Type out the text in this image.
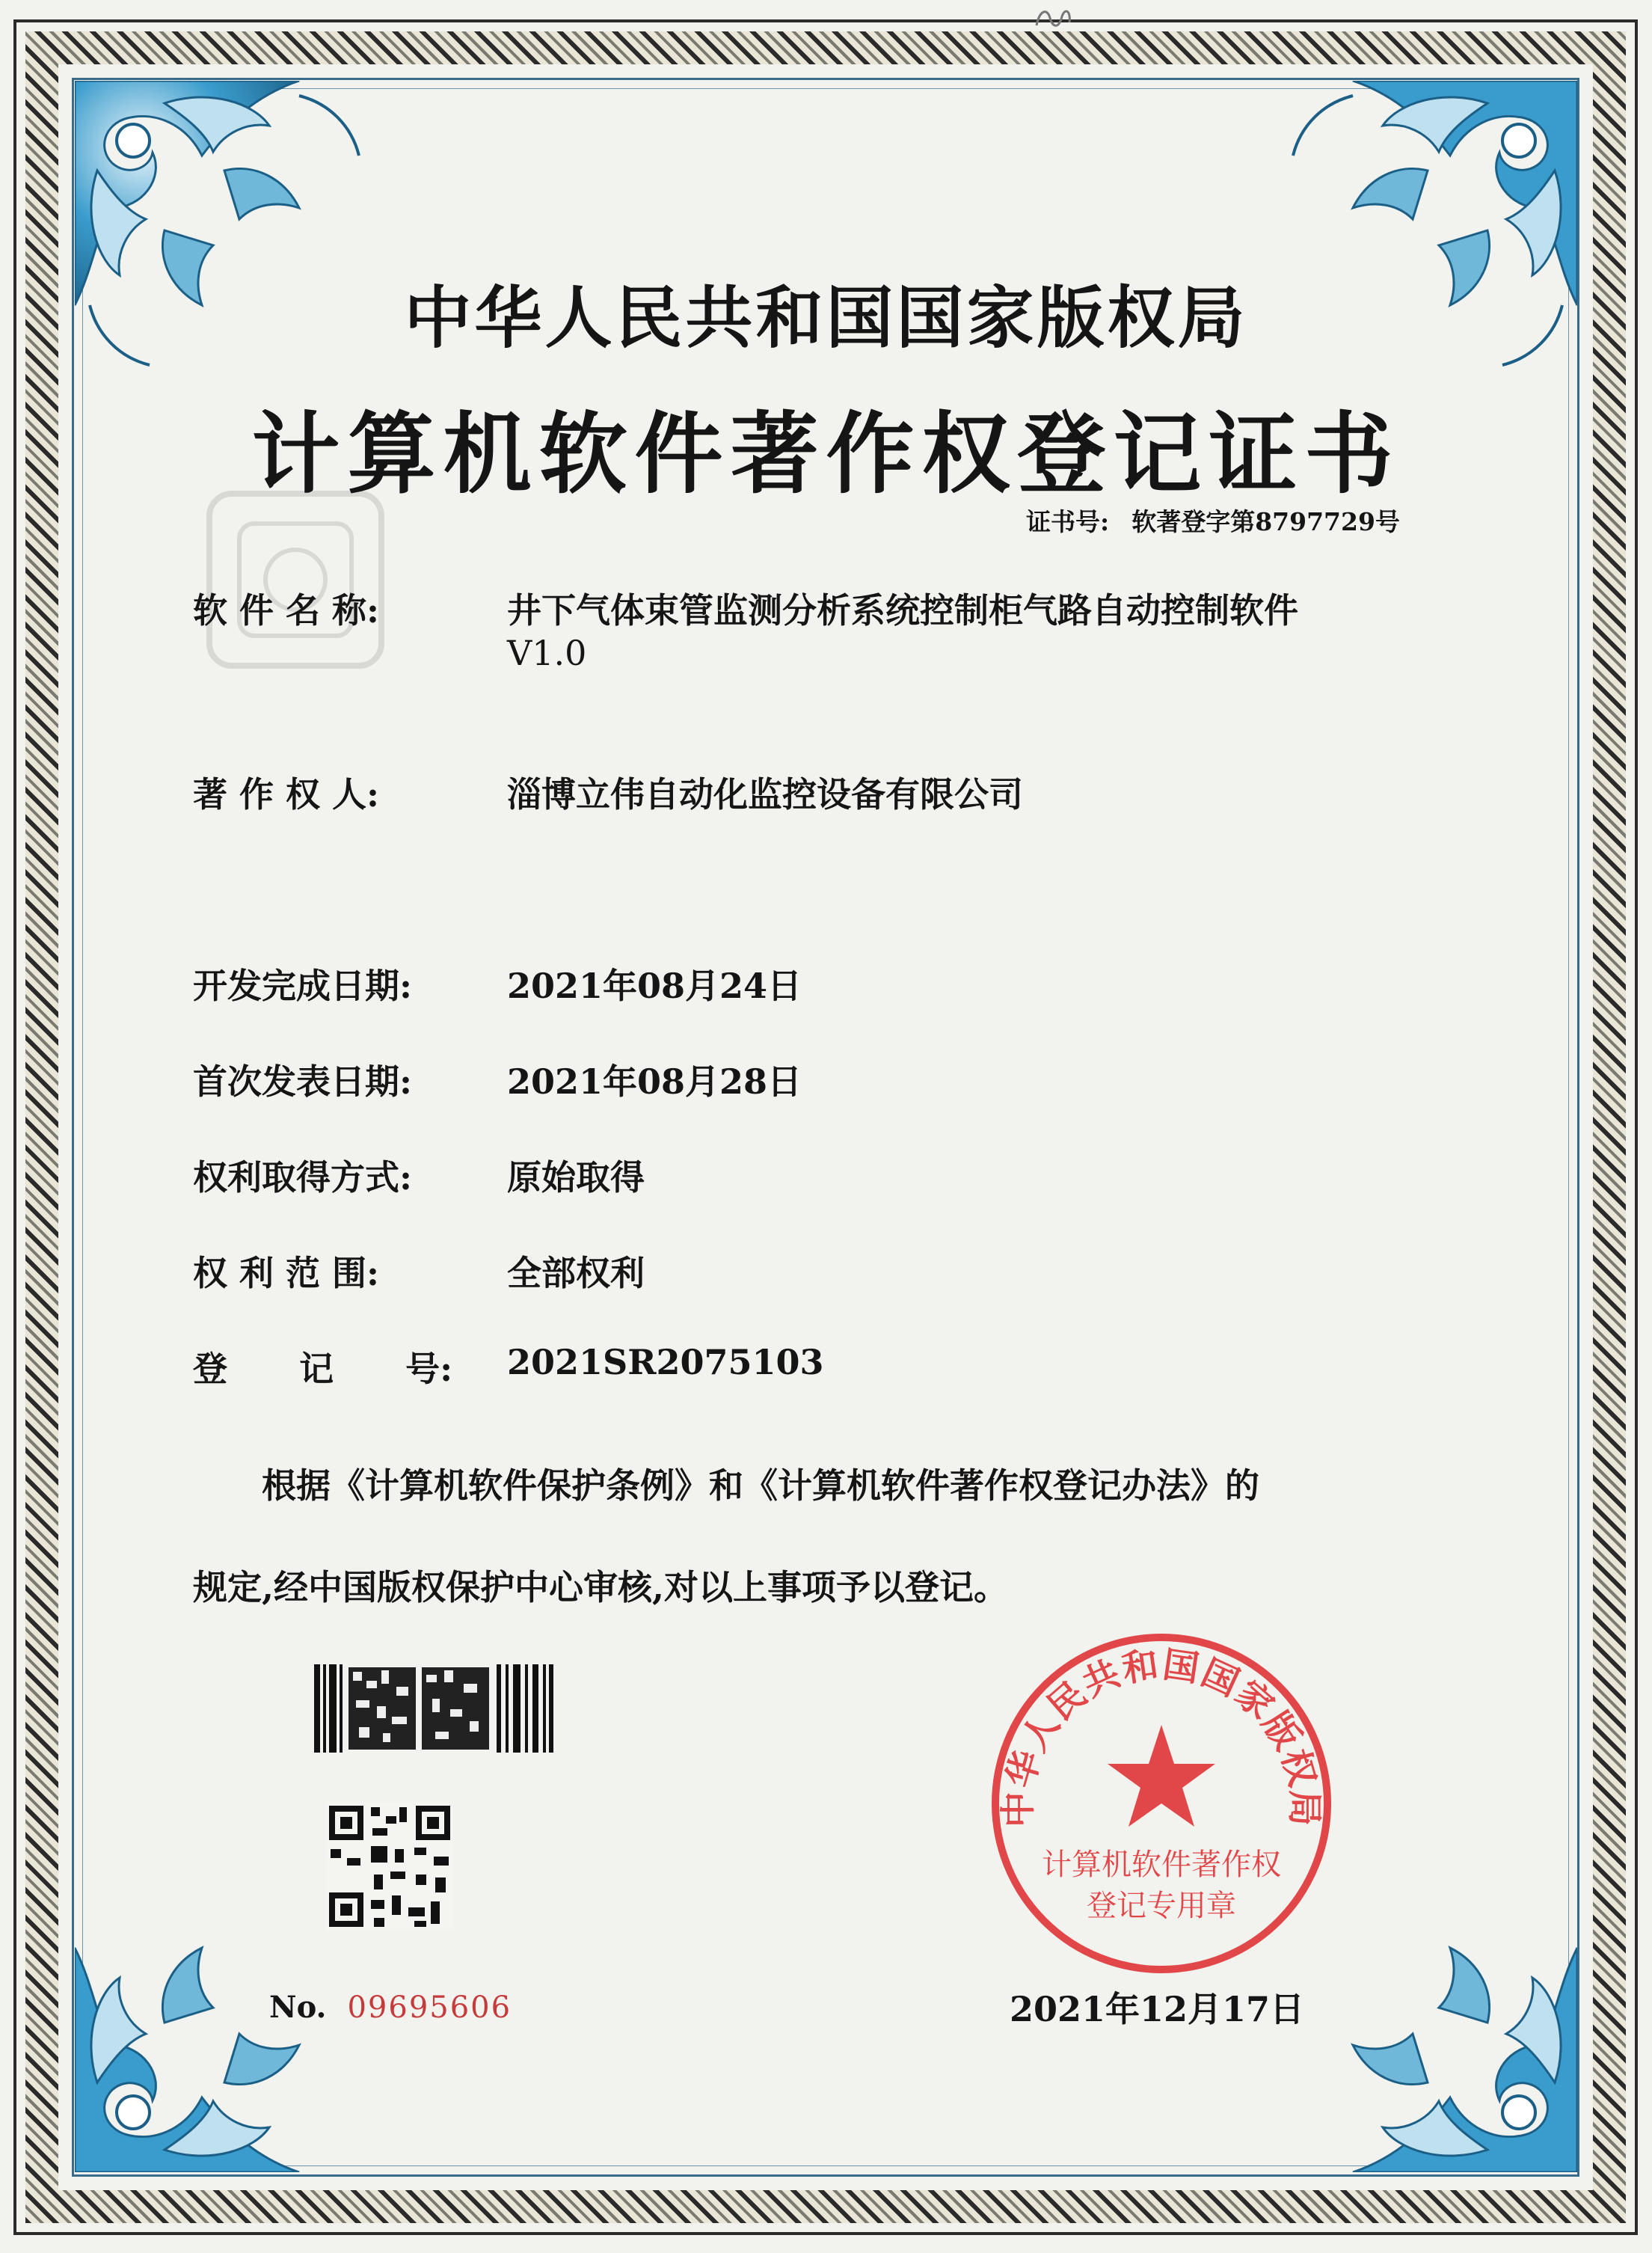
中华人民共和国国家版权局
计算机软件著作权登记证书
证书号: 软著登字第8797729号
软 件 名 称:	井下气体束管监测分析系统控制柜气路自动控制软件
V1.0
著 作 权 人:	淄博立伟自动化监控设备有限公司
开发完成日期:	2021年08月24日
首次发表日期:	2021年08月28日
权利取得方式:	原始取得
权 利 范 围:	全部权利
登      记      号: 2021SR2075103
根据《计算机软件保护条例》和《计算机软件著作权登记办法》的
规定,经中国版权保护中心审核,对以上事项予以登记。
No. 09695606
中华人民共和国国家版权局
计算机软件著作权
登记专用章
2021年12月17日
